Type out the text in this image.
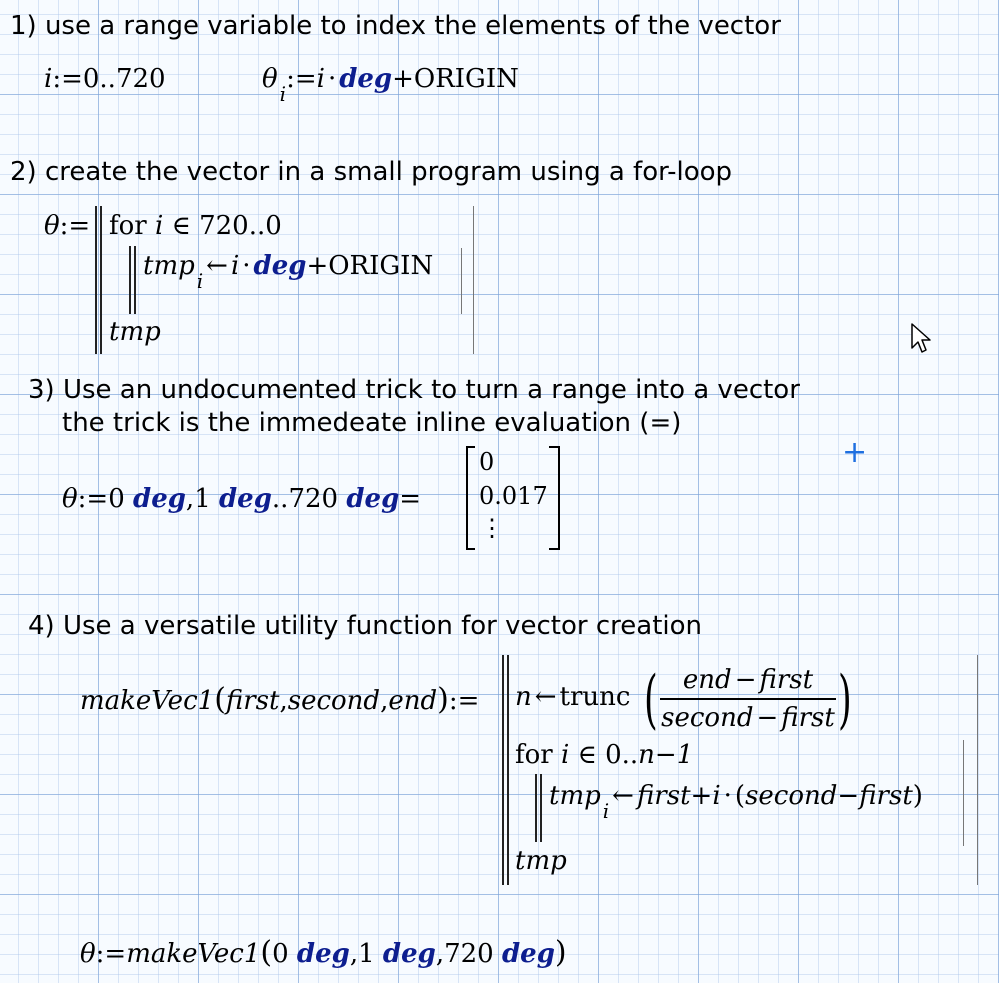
1) use a range variable to index the elements of the vector
i:=0..720	θ $_i$:=i · deg+ORIGIN
2) create the vector in a small program using a for-loop
θ:= for i ∈ 720..0
tmp $_i$ ← i · deg+ORIGIN
tmp
3) Use an undocumented trick to turn a range into a vector
the trick is the immedeate inline evaluation (=)
+
θ:=0 deg,1 deg..720 deg=
0
0.017
⋮
4) Use a versatile utility function for vector creation
makeVec1(first,second,end):= n ← trunc ( end − first
second − first )
for i ∈ 0..n−1
tmp $_i$ ← first+i · (second−first)
tmp
θ:=makeVec1(0 deg,1 deg,720 deg)
